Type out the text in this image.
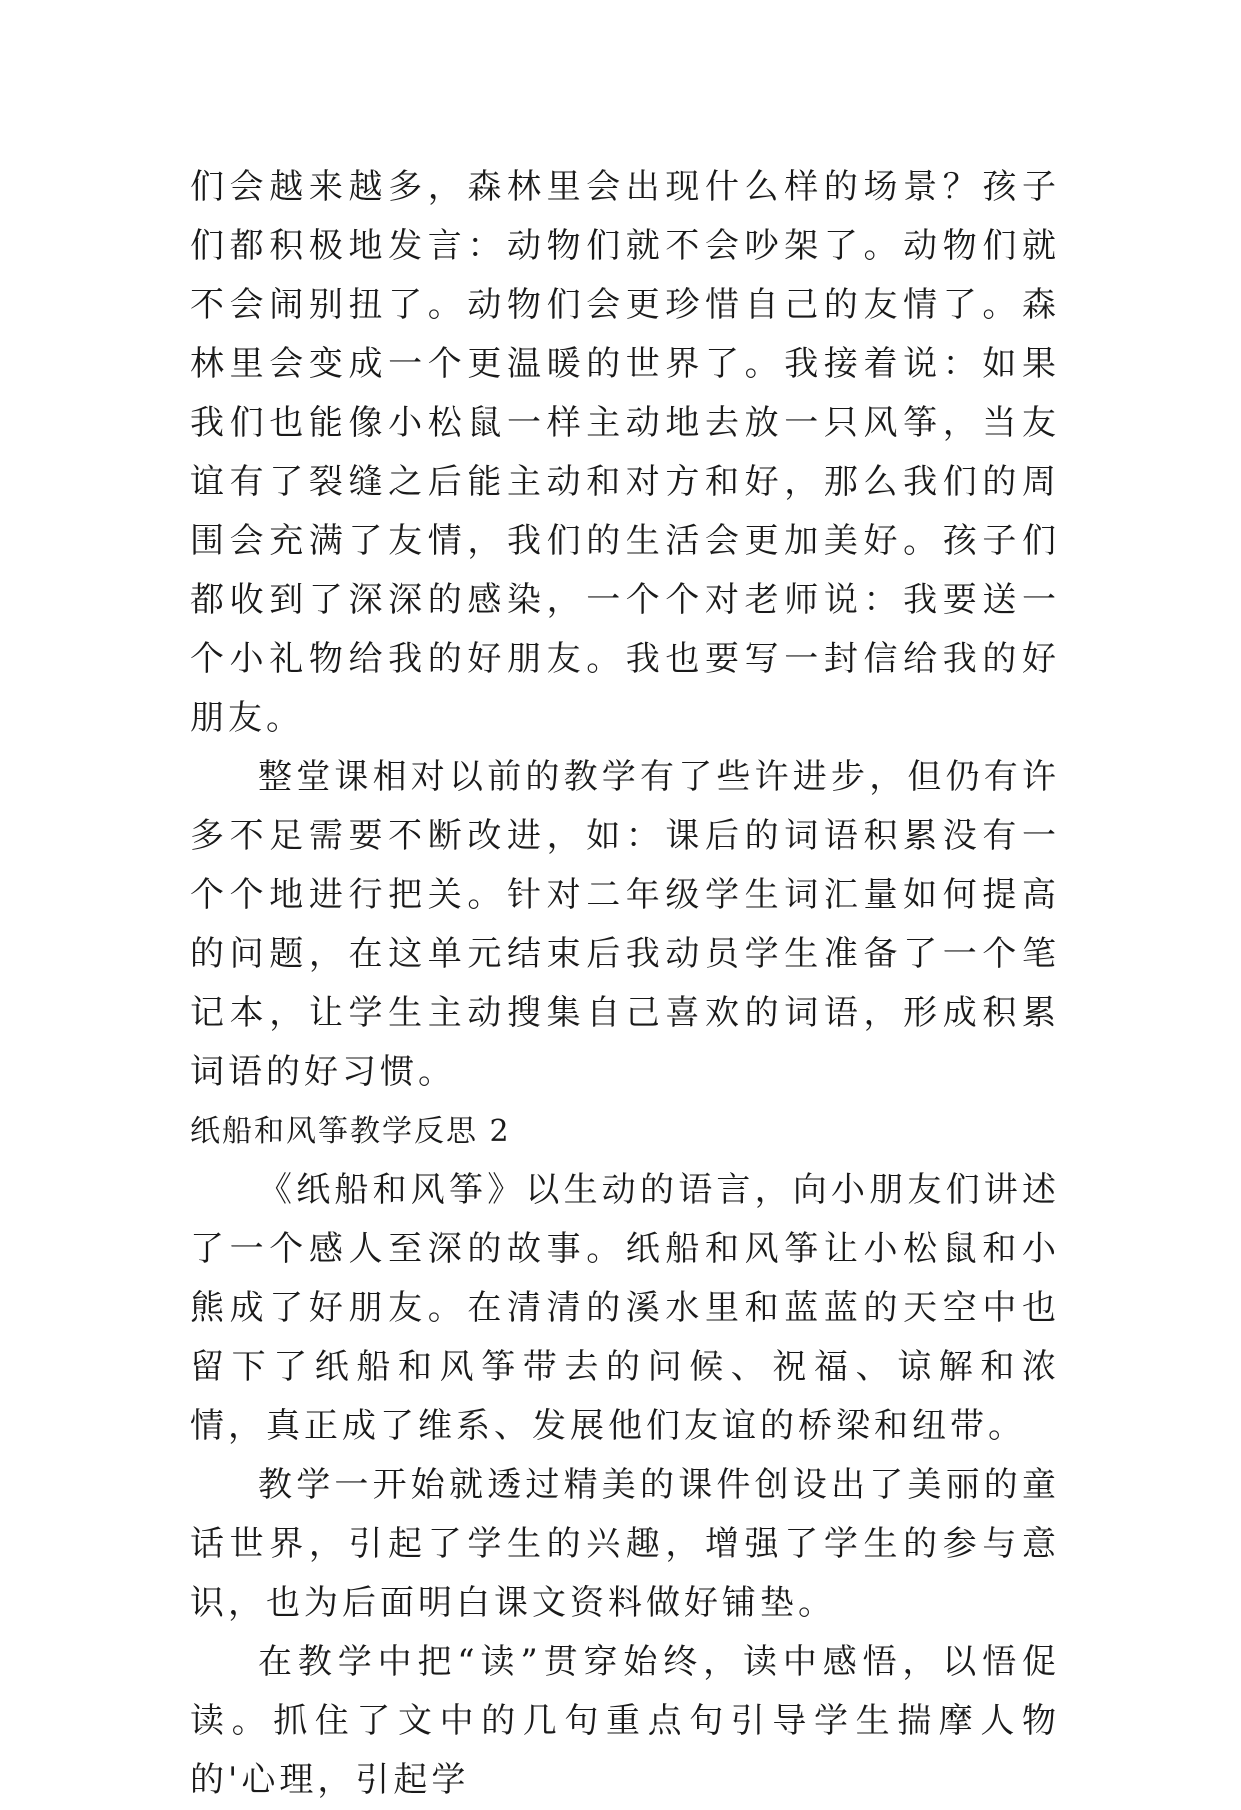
们会越来越多，森林里会出现什么样的场景？孩子们都积极地发言：动物们就不会吵架了。动物们就不会闹别扭了。动物们会更珍惜自己的友情了。森林里会变成一个更温暖的世界了。我接着说：如果我们也能像小松鼠一样主动地去放一只风筝，当友谊有了裂缝之后能主动和对方和好，那么我们的周围会充满了友情，我们的生活会更加美好。孩子们都收到了深深的感染，一个个对老师说：我要送一个小礼物给我的好朋友。我也要写一封信给我的好朋友。

整堂课相对以前的教学有了些许进步，但仍有许多不足需要不断改进，如：课后的词语积累没有一个个地进行把关。针对二年级学生词汇量如何提高的问题，在这单元结束后我动员学生准备了一个笔记本，让学生主动搜集自己喜欢的词语，形成积累词语的好习惯。

纸船和风筝教学反思 2

《纸船和风筝》以生动的语言，向小朋友们讲述了一个感人至深的故事。纸船和风筝让小松鼠和小熊成了好朋友。在清清的溪水里和蓝蓝的天空中也留下了纸船和风筝带去的问候、祝福、谅解和浓情，真正成了维系、发展他们友谊的桥梁和纽带。

教学一开始就透过精美的课件创设出了美丽的童话世界，引起了学生的兴趣，增强了学生的参与意识，也为后面明白课文资料做好铺垫。

在教学中把“读”贯穿始终，读中感悟，以悟促读。抓住了文中的几句重点句引导学生揣摩人物的'心理，引起学
